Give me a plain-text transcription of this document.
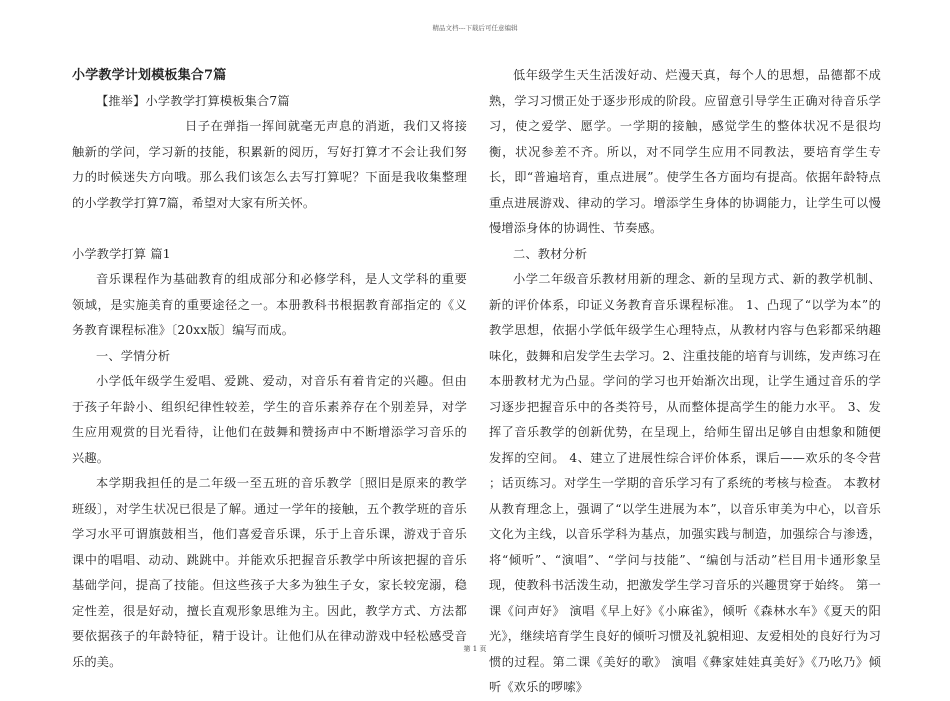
精品文档---下载后可任意编辑

小学教学计划模板集合7篇

【推举】小学教学打算模板集合7篇

日子在弹指一挥间就毫无声息的消逝，我们又将接触新的学问，学习新的技能，积累新的阅历，写好打算才不会让我们努力的时候迷失方向哦。那么我们该怎么去写打算呢？下面是我收集整理的小学教学打算7篇，希望对大家有所关怀。

小学教学打算 篇1

音乐课程作为基础教育的组成部分和必修学科，是人文学科的重要领域，是实施美育的重要途径之一。本册教科书根据教育部指定的《义务教育课程标准》〔20xx版〕编写而成。

一、学情分析

小学低年级学生爱唱、爱跳、爱动，对音乐有着肯定的兴趣。但由于孩子年龄小、组织纪律性较差，学生的音乐素养存在个别差异，对学生应用观赏的目光看待，让他们在鼓舞和赞扬声中不断增添学习音乐的兴趣。

本学期我担任的是二年级一至五班的音乐教学〔照旧是原来的教学班级〕，对学生状况已很是了解。通过一学年的接触，五个教学班的音乐学习水平可谓旗鼓相当，他们喜爱音乐课，乐于上音乐课，游戏于音乐课中的唱唱、动动、跳跳中。并能欢乐把握音乐教学中所该把握的音乐基础学问，提高了技能。但这些孩子大多为独生子女，家长较宠溺，稳定性差，很是好动，擅长直观形象思维为主。因此，教学方式、方法都要依据孩子的年龄特征，精于设计。让他们从在律动游戏中轻松感受音乐的美。

低年级学生天生活泼好动、烂漫天真，每个人的思想，品德都不成熟，学习习惯正处于逐步形成的阶段。应留意引导学生正确对待音乐学习，使之爱学、愿学。一学期的接触，感觉学生的整体状况不是很均衡，状况参差不齐。所以，对不同学生应用不同教法，要培育学生专长，即“普遍培育，重点进展”。使学生各方面均有提高。依据年龄特点重点进展游戏、律动的学习。增添学生身体的协调能力，让学生可以慢慢增添身体的协调性、节奏感。

二、教材分析

小学二年级音乐教材用新的理念、新的呈现方式、新的教学机制、新的评价体系，印证义务教育音乐课程标准。 1、凸现了“以学为本”的教学思想，依据小学低年级学生心理特点，从教材内容与色彩都采纳趣味化，鼓舞和启发学生去学习。2、注重技能的培育与训练，发声练习在本册教材尤为凸显。学问的学习也开始渐次出现，让学生通过音乐的学习逐步把握音乐中的各类符号，从而整体提高学生的能力水平。 3、发挥了音乐教学的创新优势，在呈现上，给师生留出足够自由想象和随便发挥的空间。 4、建立了进展性综合评价体系，课后——欢乐的冬令营 ；话页练习。对学生一学期的音乐学习有了系统的考核与检查。 本教材从教育理念上，强调了“以学生进展为本”，以音乐审美为中心，以音乐文化为主线，以音乐学科为基点，加强实践与制造，加强综合与渗透，将“倾听”、“演唱”、“学问与技能”、“编创与活动”栏目用卡通形象呈现，使教科书活泼生动，把激发学生学习音乐的兴趣贯穿于始终。 第一课《问声好》 演唱《早上好》《小麻雀》，倾听《森林水车》《夏天的阳光》，继续培育学生良好的倾听习惯及礼貌相迎、友爱相处的良好行为习惯的过程。第二课《美好的歌》 演唱《彝家娃娃真美好》《乃吆乃》倾听《欢乐的啰嗦》

第 1 页
